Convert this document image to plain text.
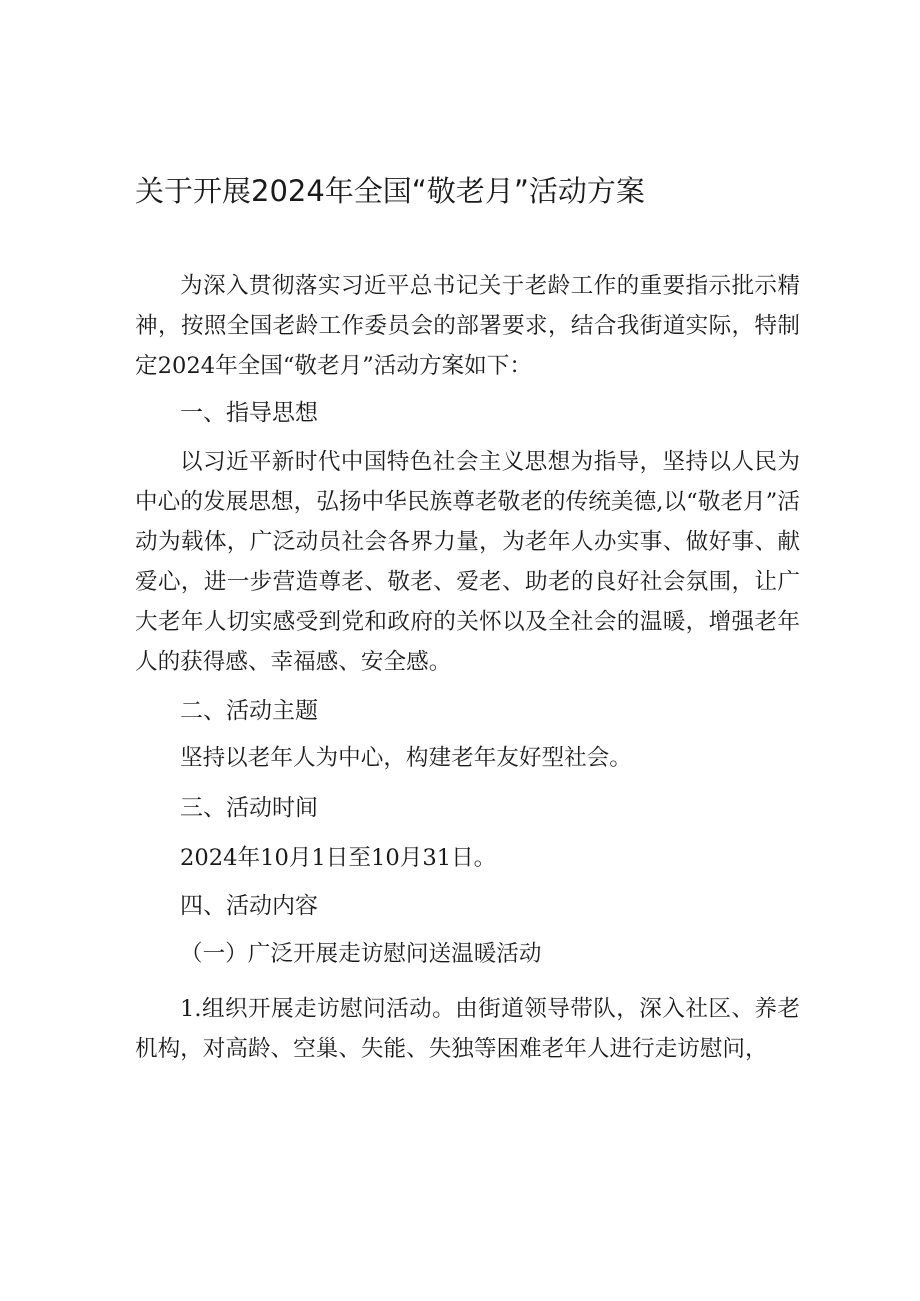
关于开展2024年全国“敬老月”活动方案

为深入贯彻落实习近平总书记关于老龄工作的重要指示批示精神，按照全国老龄工作委员会的部署要求，结合我街道实际，特制定2024年全国“敬老月”活动方案如下：

一、指导思想

以习近平新时代中国特色社会主义思想为指导，坚持以人民为中心的发展思想，弘扬中华民族尊老敬老的传统美德,以“敬老月”活动为载体，广泛动员社会各界力量，为老年人办实事、做好事、献爱心，进一步营造尊老、敬老、爱老、助老的良好社会氛围，让广大老年人切实感受到党和政府的关怀以及全社会的温暖，增强老年人的获得感、幸福感、安全感。

二、活动主题

坚持以老年人为中心，构建老年友好型社会。

三、活动时间

2024年10月1日至10月31日。

四、活动内容

（一）广泛开展走访慰问送温暖活动

1.组织开展走访慰问活动。由街道领导带队，深入社区、养老机构，对高龄、空巢、失能、失独等困难老年人进行走访慰问，
